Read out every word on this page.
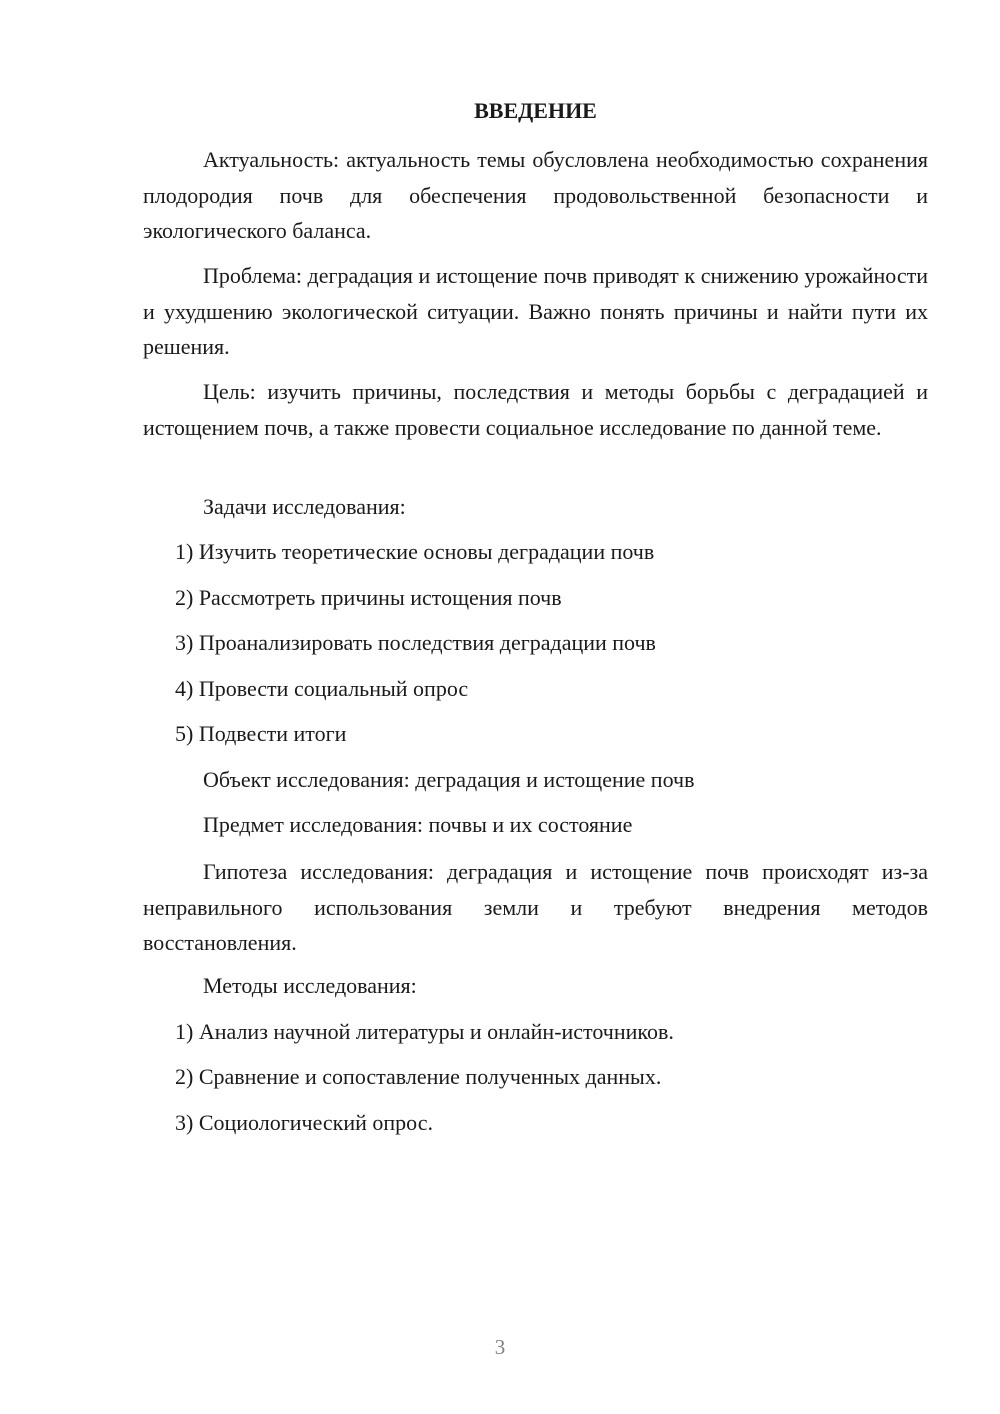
ВВЕДЕНИЕ

Актуальность: актуальность темы обусловлена необходимостью сохранения плодородия почв для обеспечения продовольственной безопасности и экологического баланса.

Проблема: деградация и истощение почв приводят к снижению урожайности и ухудшению экологической ситуации. Важно понять причины и найти пути их решения.

Цель: изучить причины, последствия и методы борьбы с деградацией и истощением почв, а также провести социальное исследование по данной теме.

Задачи исследования:

1) Изучить теоретические основы деградации почв

2) Рассмотреть причины истощения почв

3) Проанализировать последствия деградации почв

4) Провести социальный опрос

5) Подвести итоги

Объект исследования: деградация и истощение почв

Предмет исследования: почвы и их состояние

Гипотеза исследования: деградация и истощение почв происходят из-за неправильного использования земли и требуют внедрения методов восстановления.

Методы исследования:

1) Анализ научной литературы и онлайн-источников.

2) Сравнение и сопоставление полученных данных.

3) Социологический опрос.

3
